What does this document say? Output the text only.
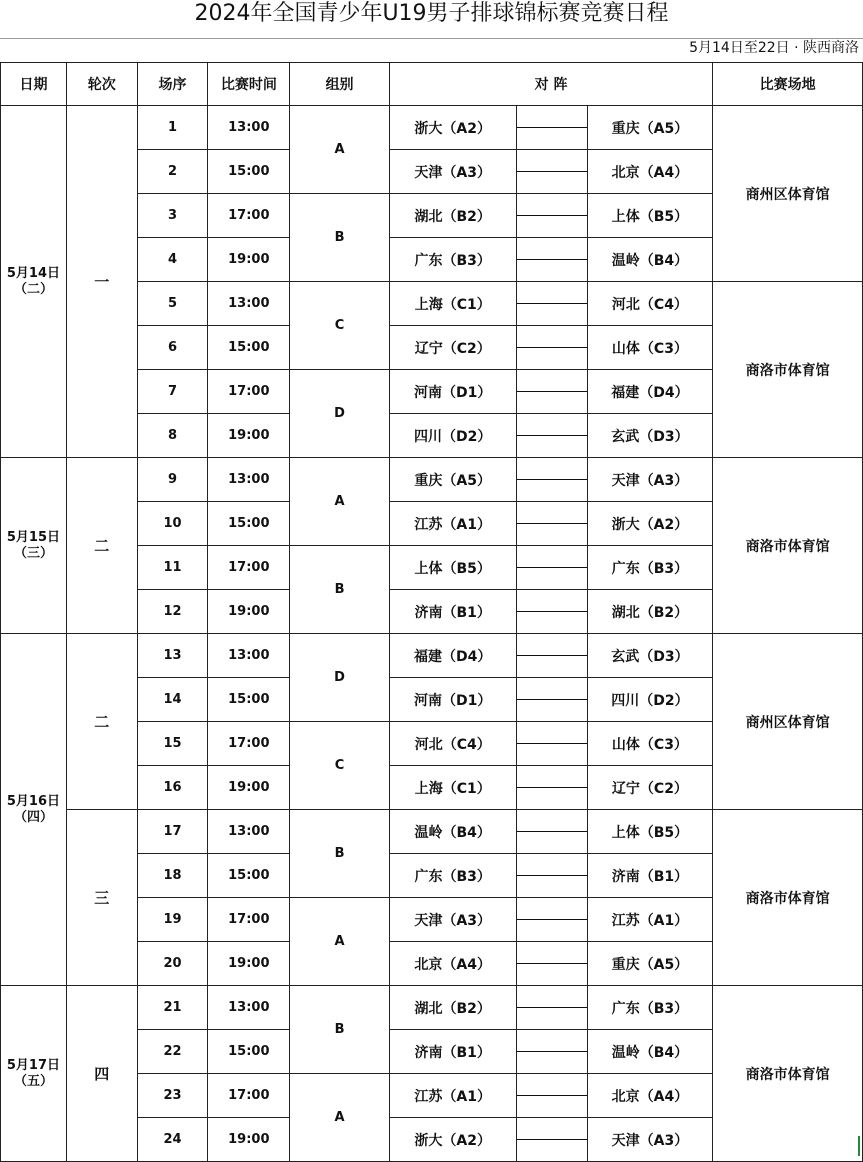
2024年全国青少年U19男子排球锦标赛竞赛日程
5月14日至22日 · 陕西商洛
日期	轮次	场序	比赛时间	组别	对 阵			比赛场地

5月14日
（二）	一	1	13:00	A	浙大（A2）		重庆（A5）	商州区体育馆
		2	15:00		天津（A3）		北京（A4）	
		3	17:00	B	湖北（B2）		上体（B5）	
		4	19:00		广东（B3）		温岭（B4）	
		5	13:00	C	上海（C1）		河北（C4）	商洛市体育馆
		6	15:00		辽宁（C2）		山体（C3）	
		7	17:00	D	河南（D1）		福建（D4）	
		8	19:00		四川（D2）		玄武（D3）	

5月15日
（三）	二	9	13:00	A	重庆（A5）		天津（A3）	商洛市体育馆
		10	15:00		江苏（A1）		浙大（A2）	
		11	17:00	B	上体（B5）		广东（B3）	
		12	19:00		济南（B1）		湖北（B2）	

5月16日
（四）	二	13	13:00	D	福建（D4）		玄武（D3）	商州区体育馆
		14	15:00		河南（D1）		四川（D2）	
		15	17:00	C	河北（C4）		山体（C3）	
		16	19:00		上海（C1）		辽宁（C2）	
	三	17	13:00	B	温岭（B4）		上体（B5）	商洛市体育馆
		18	15:00		广东（B3）		济南（B1）	
		19	17:00	A	天津（A3）		江苏（A1）	
		20	19:00		北京（A4）		重庆（A5）	

5月17日
（五）	四	21	13:00	B	湖北（B2）		广东（B3）	商洛市体育馆
		22	15:00		济南（B1）		温岭（B4）	
		23	17:00	A	江苏（A1）		北京（A4）	
		24	19:00		浙大（A2）		天津（A3）	
